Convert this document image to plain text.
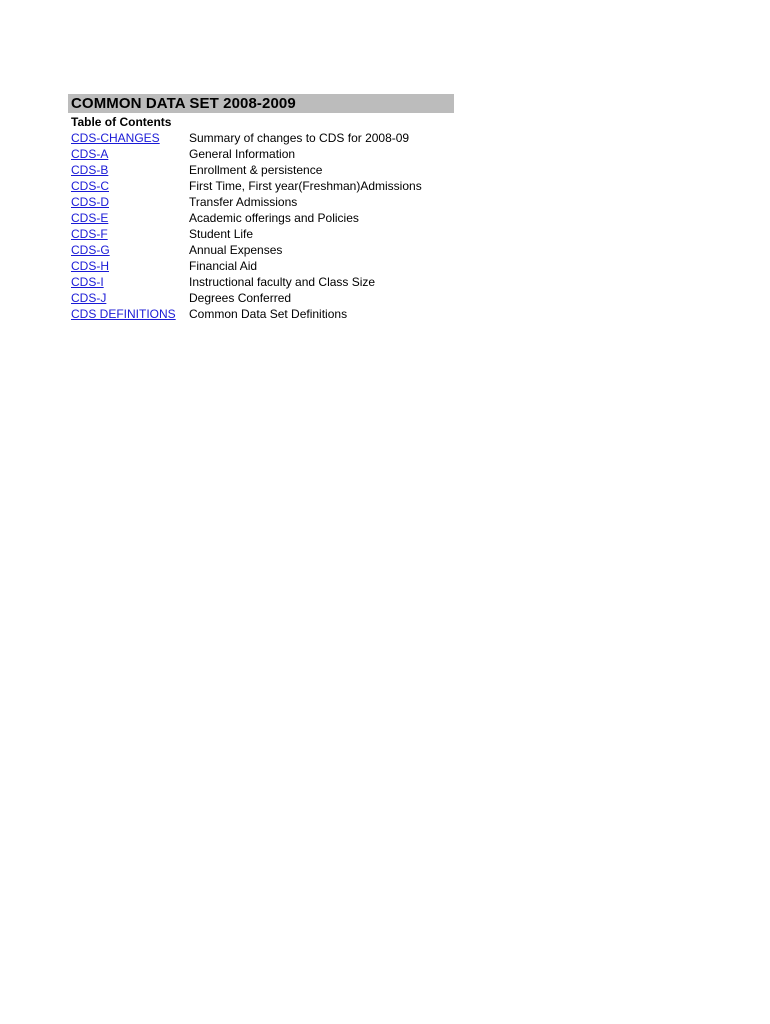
COMMON DATA SET 2008-2009
Table of Contents
CDS-CHANGES	Summary of changes to CDS for 2008-09
CDS-A	General Information
CDS-B	Enrollment & persistence
CDS-C	First Time, First year(Freshman)Admissions
CDS-D	Transfer Admissions
CDS-E	Academic offerings and Policies
CDS-F	Student Life
CDS-G	Annual Expenses
CDS-H	Financial Aid
CDS-I	Instructional faculty and Class Size
CDS-J	Degrees Conferred
CDS DEFINITIONS	Common Data Set Definitions
